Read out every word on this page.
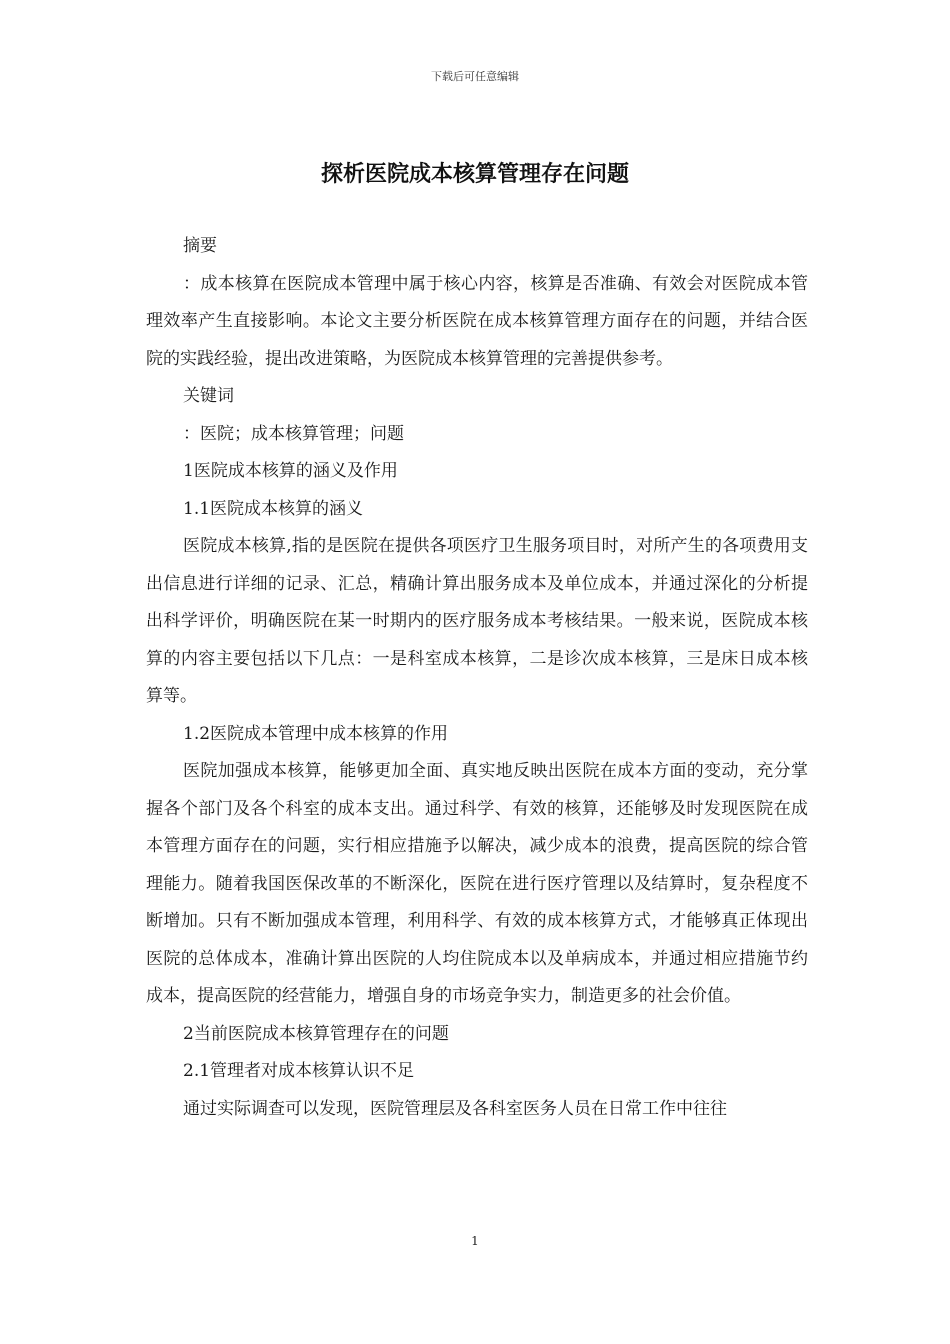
下载后可任意编辑
探析医院成本核算管理存在问题

摘要

：成本核算在医院成本管理中属于核心内容，核算是否准确、有效会对医院成本管理效率产生直接影响。本论文主要分析医院在成本核算管理方面存在的问题，并结合医院的实践经验，提出改进策略，为医院成本核算管理的完善提供参考。

关键词

：医院；成本核算管理；问题

1医院成本核算的涵义及作用

1.1医院成本核算的涵义

医院成本核算,指的是医院在提供各项医疗卫生服务项目时，对所产生的各项费用支出信息进行详细的记录、汇总，精确计算出服务成本及单位成本，并通过深化的分析提出科学评价，明确医院在某一时期内的医疗服务成本考核结果。一般来说，医院成本核算的内容主要包括以下几点：一是科室成本核算，二是诊次成本核算，三是床日成本核算等。

1.2医院成本管理中成本核算的作用

医院加强成本核算，能够更加全面、真实地反映出医院在成本方面的变动，充分掌握各个部门及各个科室的成本支出。通过科学、有效的核算，还能够及时发现医院在成本管理方面存在的问题，实行相应措施予以解决，减少成本的浪费，提高医院的综合管理能力。随着我国医保改革的不断深化，医院在进行医疗管理以及结算时，复杂程度不断增加。只有不断加强成本管理，利用科学、有效的成本核算方式，才能够真正体现出医院的总体成本，准确计算出医院的人均住院成本以及单病成本，并通过相应措施节约成本，提高医院的经营能力，增强自身的市场竞争实力，制造更多的社会价值。

2当前医院成本核算管理存在的问题

2.1管理者对成本核算认识不足

通过实际调查可以发现，医院管理层及各科室医务人员在日常工作中往往

1
